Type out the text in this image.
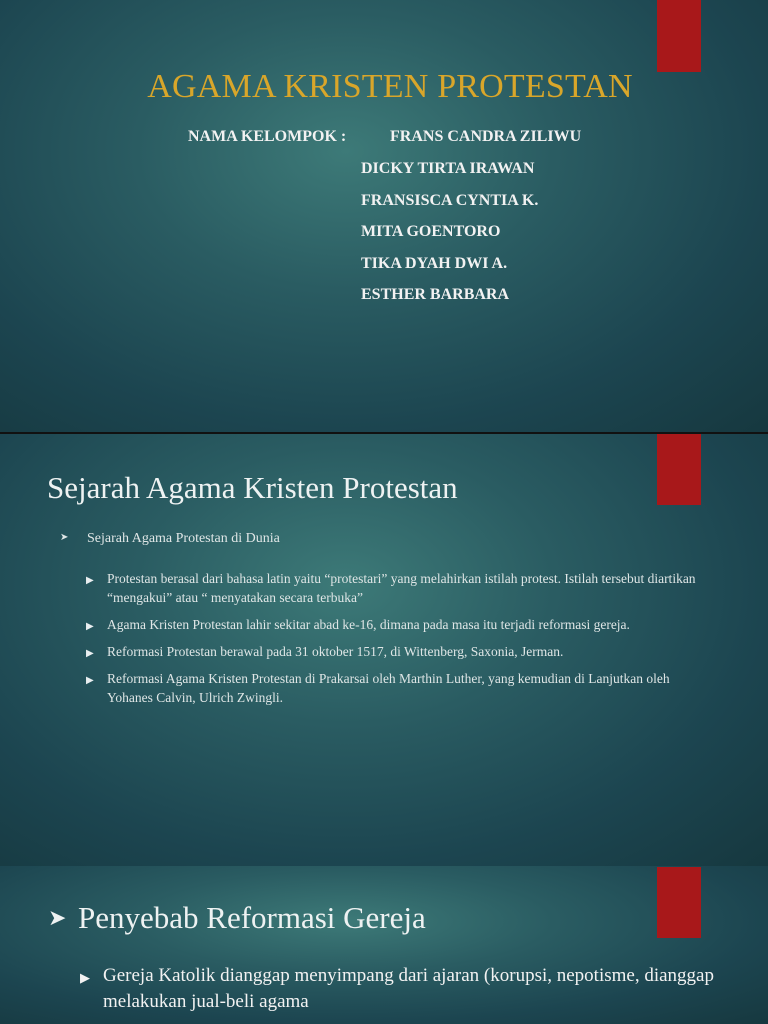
AGAMA KRISTEN PROTESTAN
NAMA KELOMPOK :	FRANS CANDRA ZILIWU
DICKY TIRTA IRAWAN
FRANSISCA CYNTIA K.
MITA GOENTORO
TIKA DYAH DWI A.
ESTHER BARBARA
Sejarah Agama Kristen Protestan
➤ Sejarah Agama Protestan di Dunia
▶ Protestan berasal dari bahasa latin yaitu “protestari” yang melahirkan istilah protest. Istilah tersebut diartikan “mengakui” atau “ menyatakan secara terbuka”
▶ Agama Kristen Protestan lahir sekitar abad ke-16, dimana pada masa itu terjadi reformasi gereja.
▶ Reformasi Protestan berawal pada 31 oktober 1517, di Wittenberg, Saxonia, Jerman.
▶ Reformasi Agama Kristen Protestan di Prakarsai oleh Marthin Luther, yang kemudian di Lanjutkan oleh Yohanes Calvin, Ulrich Zwingli.
➤ Penyebab Reformasi Gereja
▶ Gereja Katolik dianggap menyimpang dari ajaran (korupsi, nepotisme, dianggap melakukan jual-beli agama
